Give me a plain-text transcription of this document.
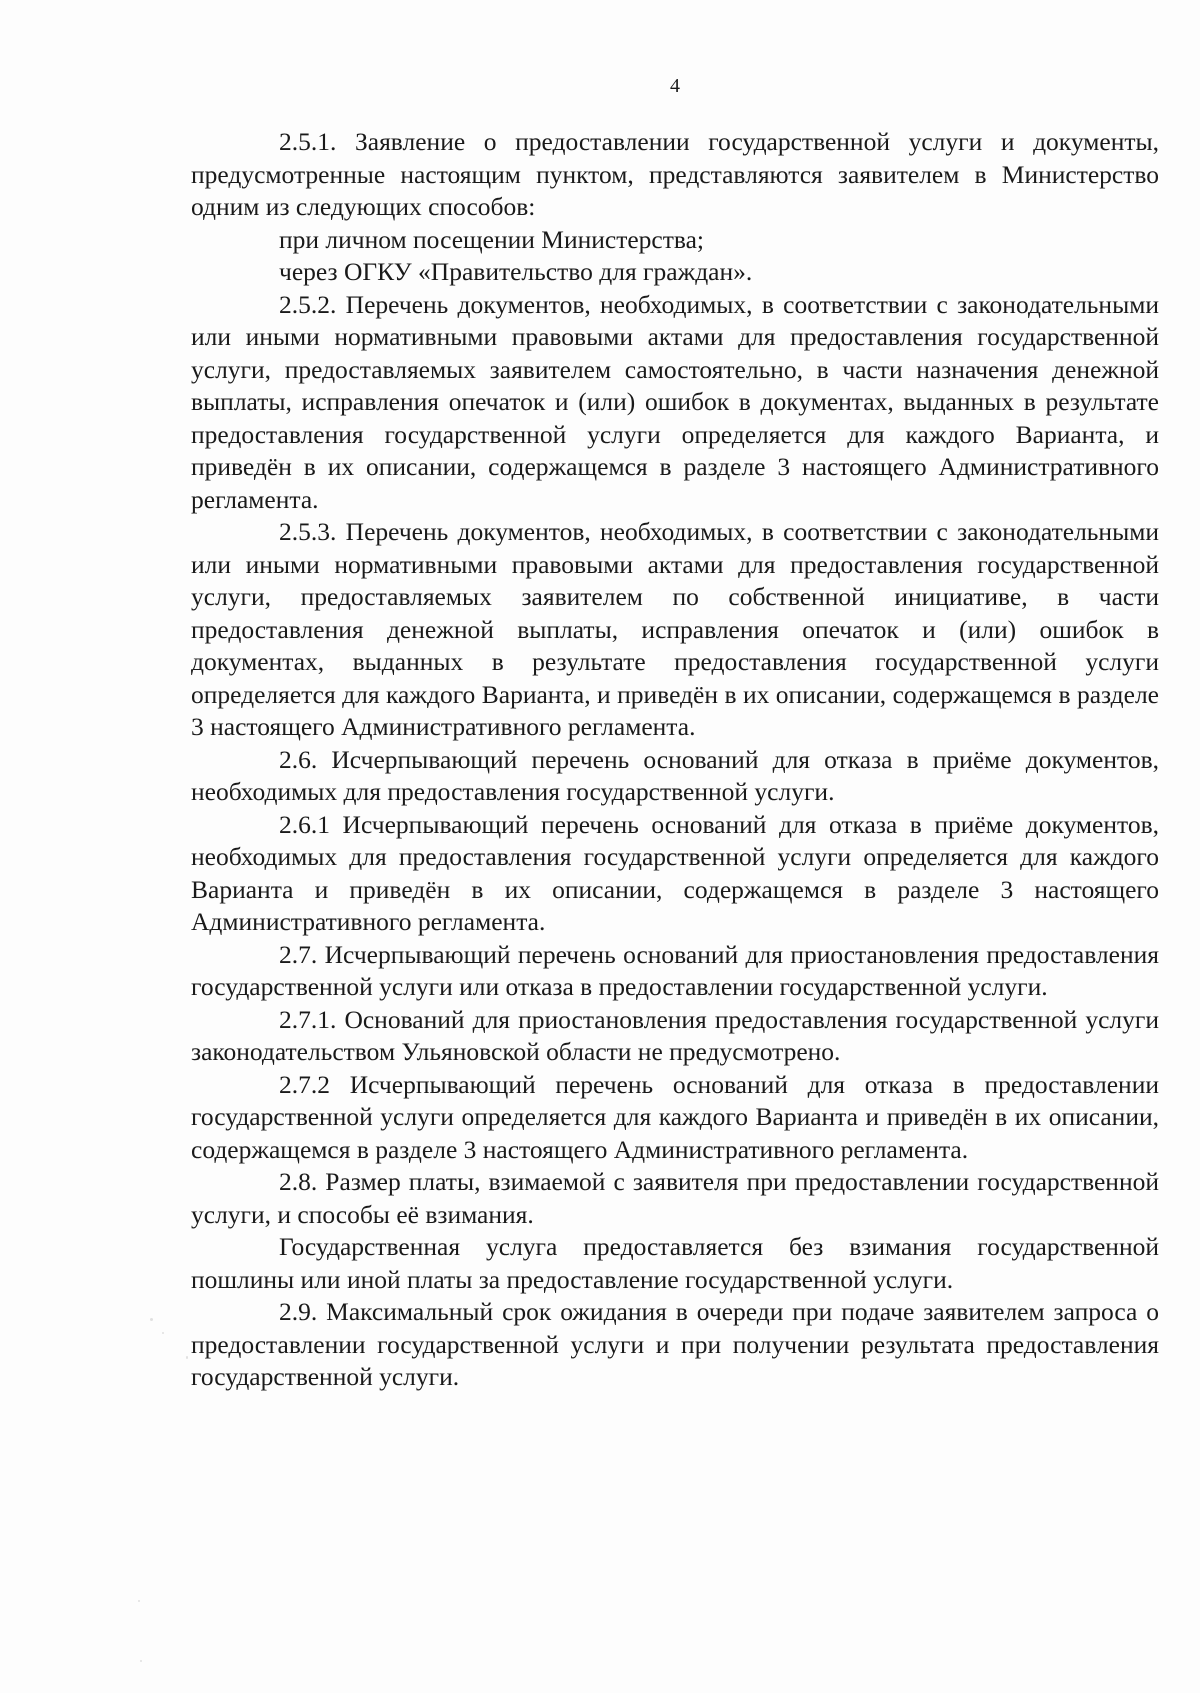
4

2.5.1. Заявление о предоставлении государственной услуги и документы, предусмотренные настоящим пунктом, представляются заявителем в Министерство одним из следующих способов:

при личном посещении Министерства;

через ОГКУ «Правительство для граждан».

2.5.2. Перечень документов, необходимых, в соответствии с законодательными или иными нормативными правовыми актами для предоставления государственной услуги, предоставляемых заявителем самостоятельно, в части назначения денежной выплаты, исправления опечаток и (или) ошибок в документах, выданных в результате предоставления государственной услуги определяется для каждого Варианта, и приведён в их описании, содержащемся в разделе 3 настоящего Административного регламента.

2.5.3. Перечень документов, необходимых, в соответствии с законодательными или иными нормативными правовыми актами для предоставления государственной услуги, предоставляемых заявителем по собственной инициативе, в части предоставления денежной выплаты, исправления опечаток и (или) ошибок в документах, выданных в результате предоставления государственной услуги определяется для каждого Варианта, и приведён в их описании, содержащемся в разделе 3 настоящего Административного регламента.

2.6. Исчерпывающий перечень оснований для отказа в приёме документов, необходимых для предоставления государственной услуги.

2.6.1 Исчерпывающий перечень оснований для отказа в приёме документов, необходимых для предоставления государственной услуги определяется для каждого Варианта и приведён в их описании, содержащемся в разделе 3 настоящего Административного регламента.

2.7. Исчерпывающий перечень оснований для приостановления предоставления государственной услуги или отказа в предоставлении государственной услуги.

2.7.1. Оснований для приостановления предоставления государственной услуги законодательством Ульяновской области не предусмотрено.

2.7.2 Исчерпывающий перечень оснований для отказа в предоставлении государственной услуги определяется для каждого Варианта и приведён в их описании, содержащемся в разделе 3 настоящего Административного регламента.

2.8. Размер платы, взимаемой с заявителя при предоставлении государственной услуги, и способы её взимания.

Государственная услуга предоставляется без взимания государственной пошлины или иной платы за предоставление государственной услуги.

2.9. Максимальный срок ожидания в очереди при подаче заявителем запроса о предоставлении государственной услуги и при получении результата предоставления государственной услуги.
